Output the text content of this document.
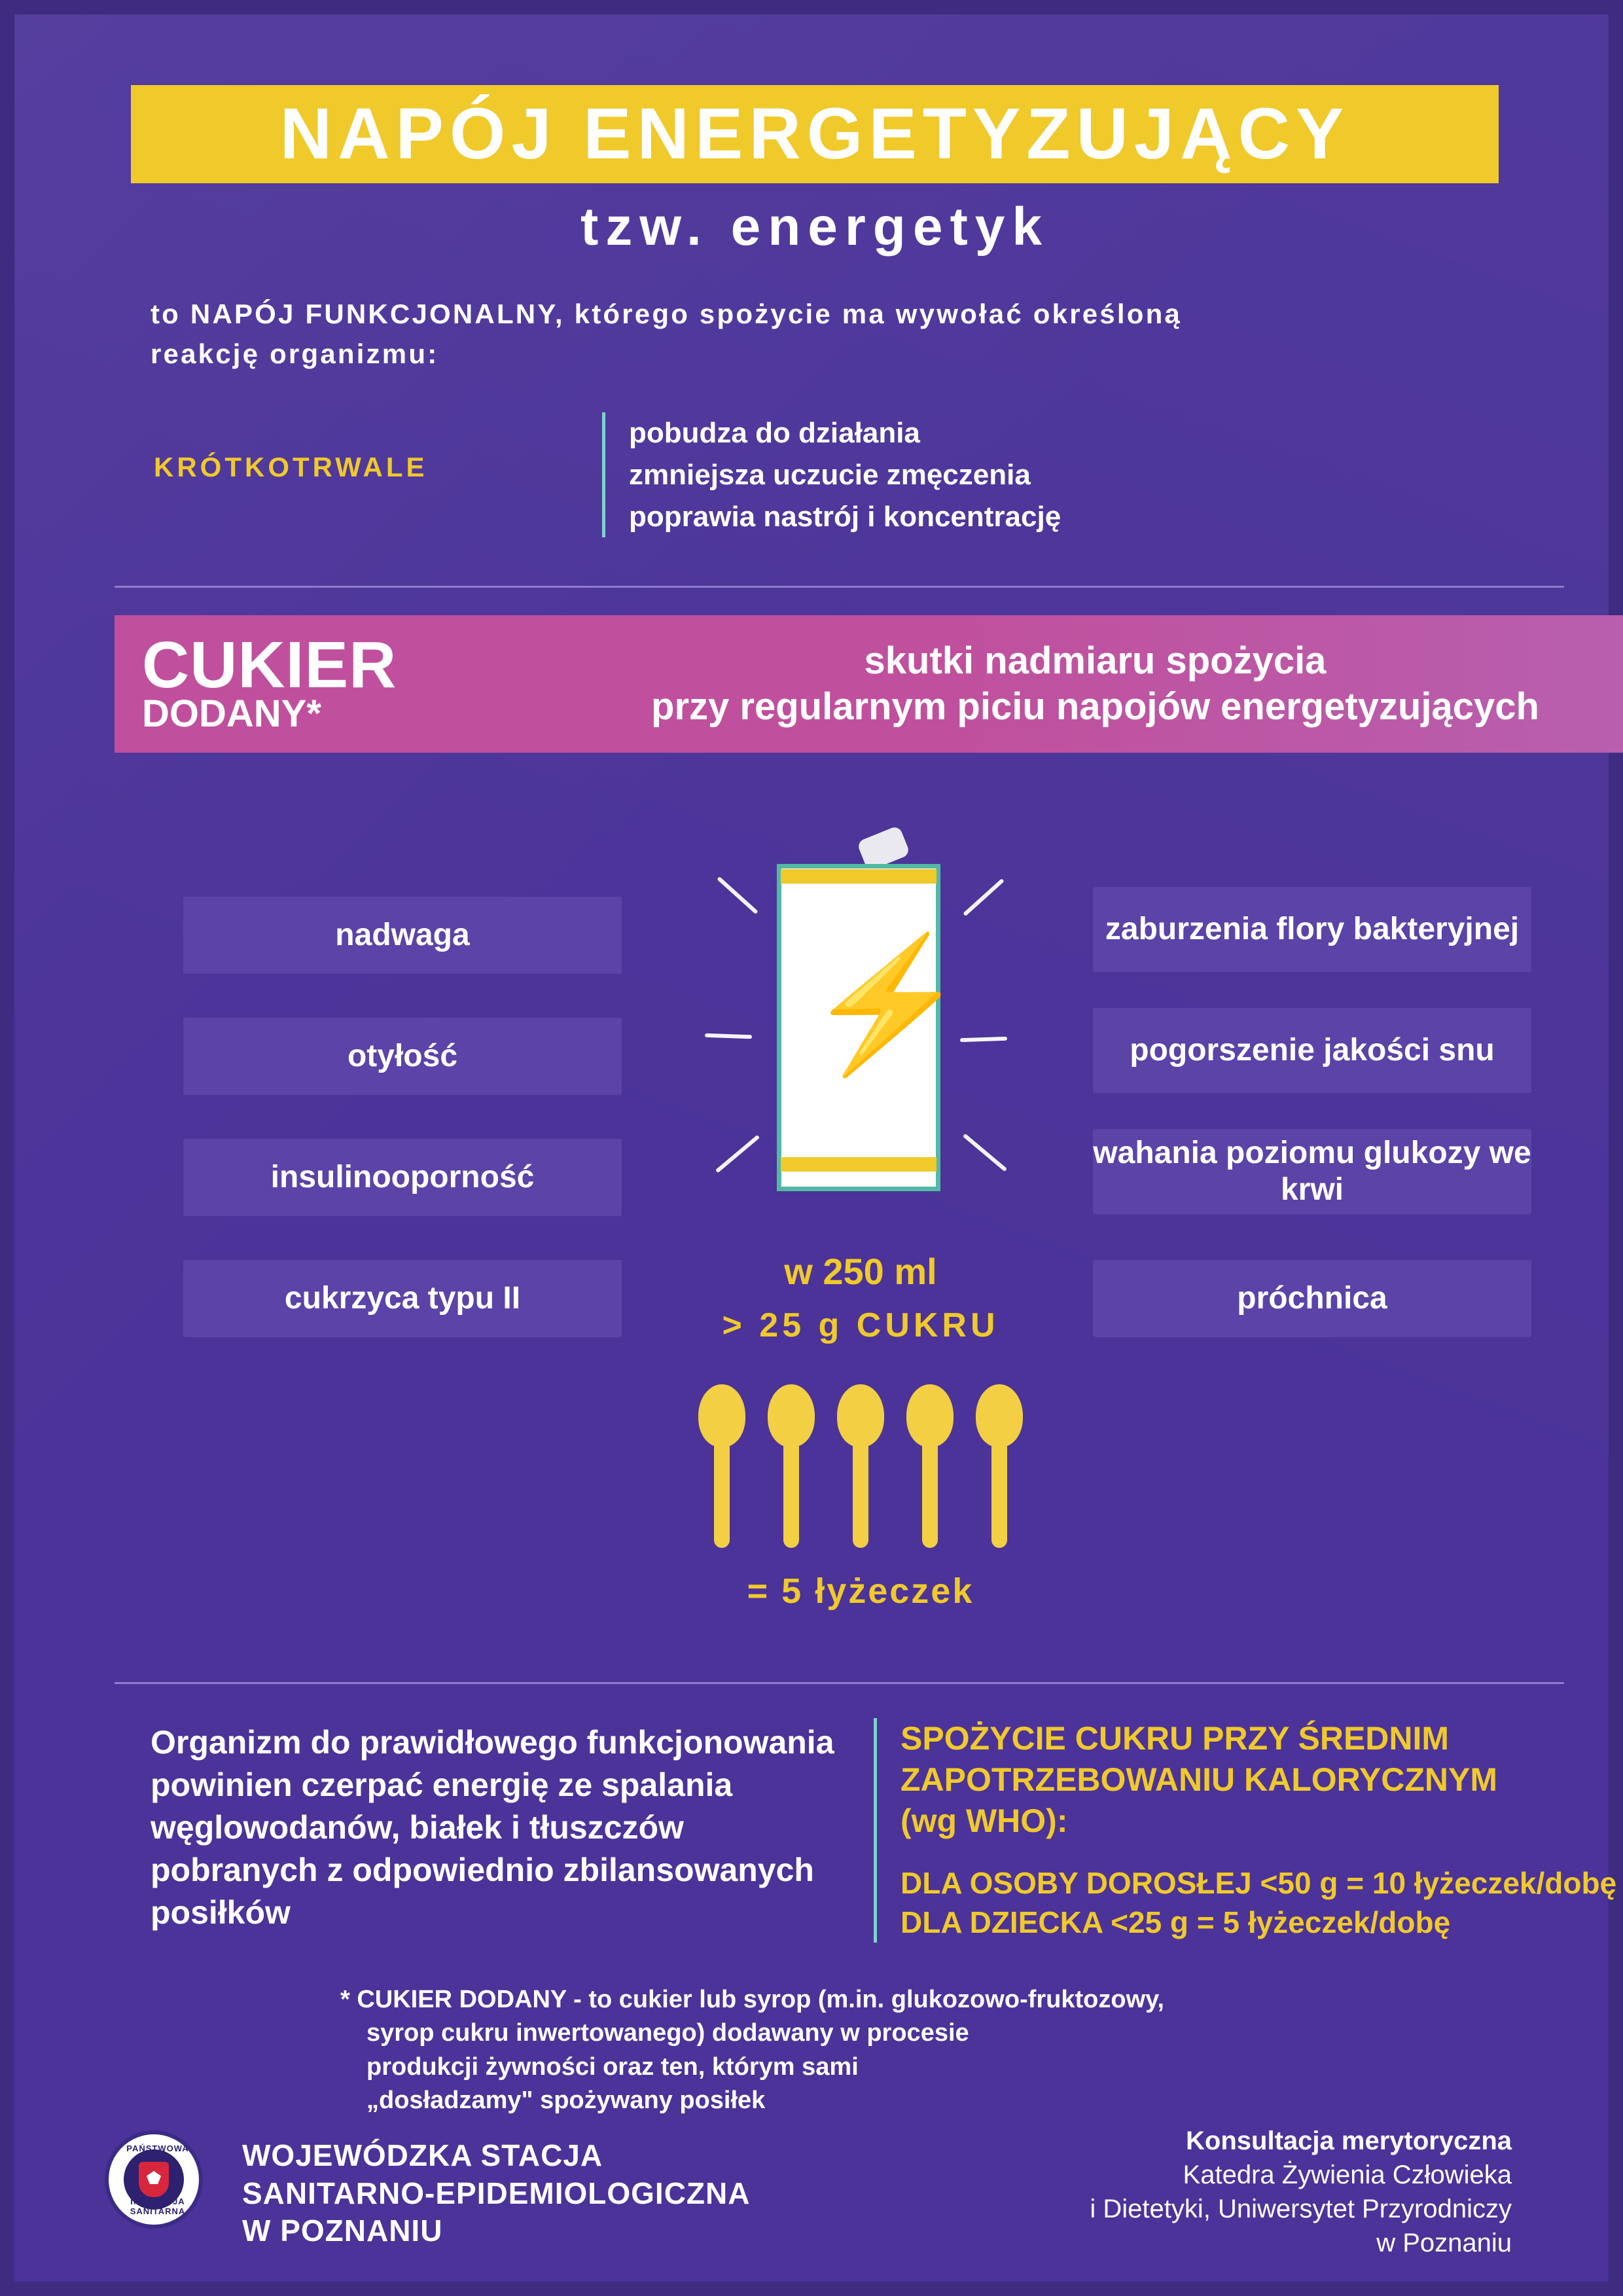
NAPÓJ ENERGETYZUJĄCY
tzw. energetyk
to NAPÓJ FUNKCJONALNY, którego spożycie ma wywołać określoną
reakcję organizmu:
KRÓTKOTRWALE
pobudza do działania
zmniejsza uczucie zmęczenia
poprawia nastrój i koncentrację
CUKIER
DODANY*
skutki nadmiaru spożycia
przy regularnym piciu napojów energetyzujących
nadwaga
otyłość
insulinooporność
cukrzyca typu II
zaburzenia flory bakteryjnej
pogorszenie jakości snu
wahania poziomu glukozy we krwi
próchnica
⚡
w 250 ml
> 25 g CUKRU
= 5 łyżeczek
Organizm do prawidłowego funkcjonowania powinien czerpać energię ze spalania węglowodanów, białek i tłuszczów pobranych z odpowiednio zbilansowanych posiłków
SPOŻYCIE CUKRU PRZY ŚREDNIM
ZAPOTRZEBOWANIU KALORYCZNYM
(wg WHO):
DLA OSOBY DOROSŁEJ <50 g = 10 łyżeczek/dobę
DLA DZIECKA <25 g = 5 łyżeczek/dobę
* CUKIER DODANY - to cukier lub syrop (m.in. glukozowo-fruktozowy,
syrop cukru inwertowanego) dodawany w procesie
produkcji żywności oraz ten, którym sami
„dosładzamy" spożywany posiłek
PAŃSTWOWA
INSPEKCJA SANITARNA
WOJEWÓDZKA STACJA
SANITARNO-EPIDEMIOLOGICZNA
W POZNANIU
Konsultacja merytoryczna
Katedra Żywienia Człowieka
i Dietetyki, Uniwersytet Przyrodniczy
w Poznaniu
